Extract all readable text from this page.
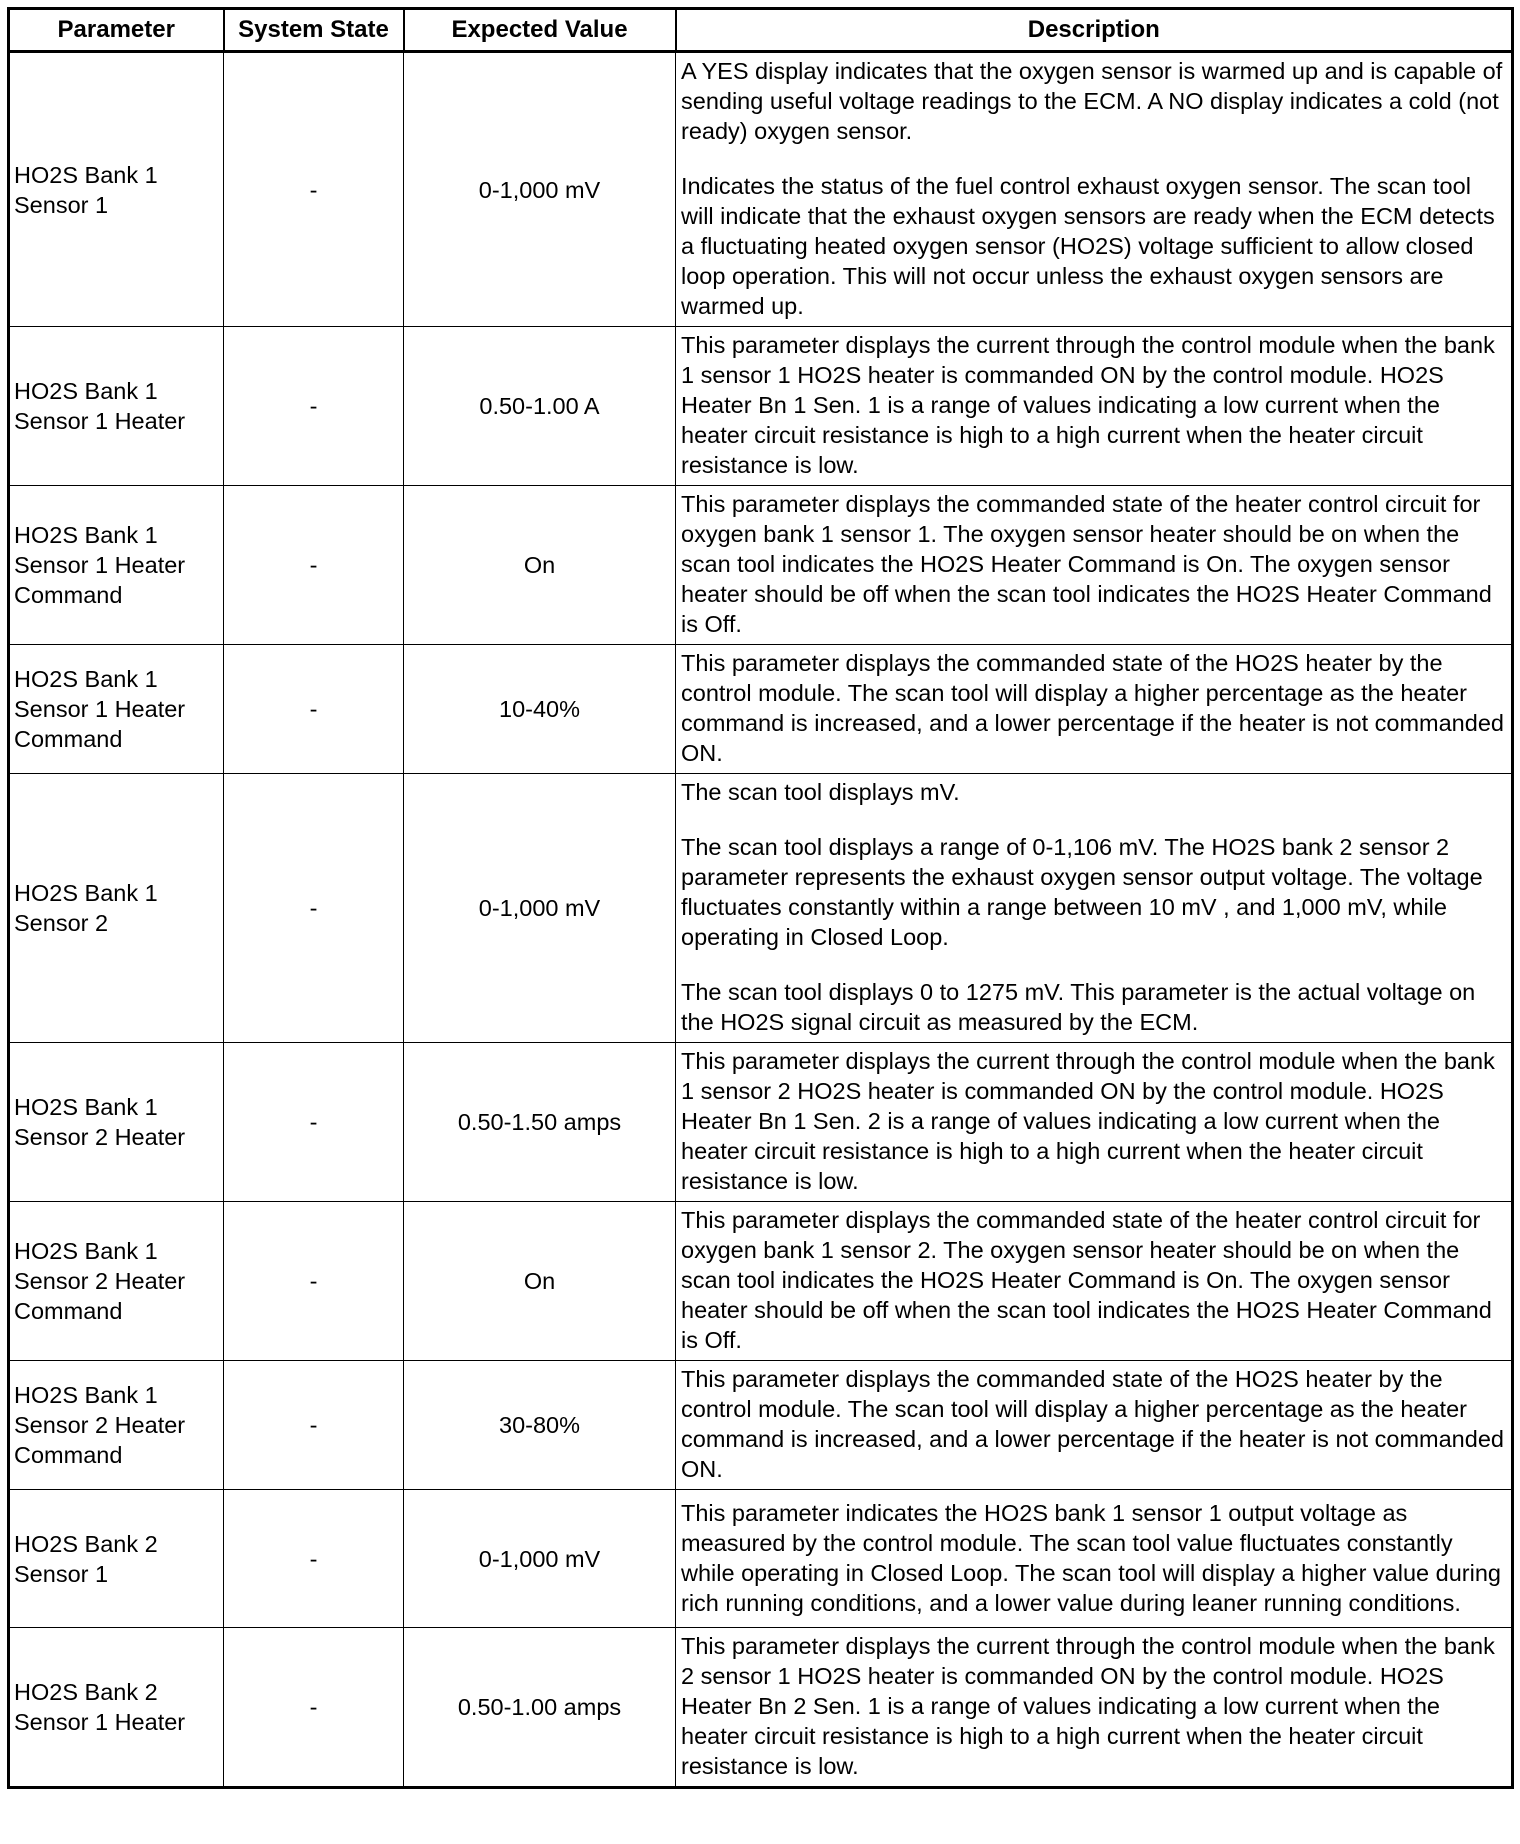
Parameter	System State	Expected Value	Description
HO2S Bank 1 Sensor 1	-	0-1,000 mV	A YES display indicates that the oxygen sensor is warmed up and is capable of sending useful voltage readings to the ECM. A NO display indicates a cold (not ready) oxygen sensor.

Indicates the status of the fuel control exhaust oxygen sensor. The scan tool will indicate that the exhaust oxygen sensors are ready when the ECM detects a fluctuating heated oxygen sensor (HO2S) voltage sufficient to allow closed loop operation. This will not occur unless the exhaust oxygen sensors are warmed up.

HO2S Bank 1 Sensor 1 Heater	-	0.50-1.00 A	This parameter displays the current through the control module when the bank 1 sensor 1 HO2S heater is commanded ON by the control module. HO2S Heater Bn 1 Sen. 1 is a range of values indicating a low current when the heater circuit resistance is high to a high current when the heater circuit resistance is low.

HO2S Bank 1 Sensor 1 Heater Command	-	On	This parameter displays the commanded state of the heater control circuit for oxygen bank 1 sensor 1. The oxygen sensor heater should be on when the scan tool indicates the HO2S Heater Command is On. The oxygen sensor heater should be off when the scan tool indicates the HO2S Heater Command is Off.

HO2S Bank 1 Sensor 1 Heater Command	-	10-40%	This parameter displays the commanded state of the HO2S heater by the control module. The scan tool will display a higher percentage as the heater command is increased, and a lower percentage if the heater is not commanded ON.

HO2S Bank 1 Sensor 2	-	0-1,000 mV	The scan tool displays mV.

The scan tool displays a range of 0-1,106 mV. The HO2S bank 2 sensor 2 parameter represents the exhaust oxygen sensor output voltage. The voltage fluctuates constantly within a range between 10 mV , and 1,000 mV, while operating in Closed Loop.

The scan tool displays 0 to 1275 mV. This parameter is the actual voltage on the HO2S signal circuit as measured by the ECM.

HO2S Bank 1 Sensor 2 Heater	-	0.50-1.50 amps	This parameter displays the current through the control module when the bank 1 sensor 2 HO2S heater is commanded ON by the control module. HO2S Heater Bn 1 Sen. 2 is a range of values indicating a low current when the heater circuit resistance is high to a high current when the heater circuit resistance is low.

HO2S Bank 1 Sensor 2 Heater Command	-	On	This parameter displays the commanded state of the heater control circuit for oxygen bank 1 sensor 2. The oxygen sensor heater should be on when the scan tool indicates the HO2S Heater Command is On. The oxygen sensor heater should be off when the scan tool indicates the HO2S Heater Command is Off.

HO2S Bank 1 Sensor 2 Heater Command	-	30-80%	This parameter displays the commanded state of the HO2S heater by the control module. The scan tool will display a higher percentage as the heater command is increased, and a lower percentage if the heater is not commanded ON.

HO2S Bank 2 Sensor 1	-	0-1,000 mV	This parameter indicates the HO2S bank 1 sensor 1 output voltage as measured by the control module. The scan tool value fluctuates constantly while operating in Closed Loop. The scan tool will display a higher value during rich running conditions, and a lower value during leaner running conditions.

HO2S Bank 2 Sensor 1 Heater	-	0.50-1.00 amps	This parameter displays the current through the control module when the bank 2 sensor 1 HO2S heater is commanded ON by the control module. HO2S Heater Bn 2 Sen. 1 is a range of values indicating a low current when the heater circuit resistance is high to a high current when the heater circuit resistance is low.
